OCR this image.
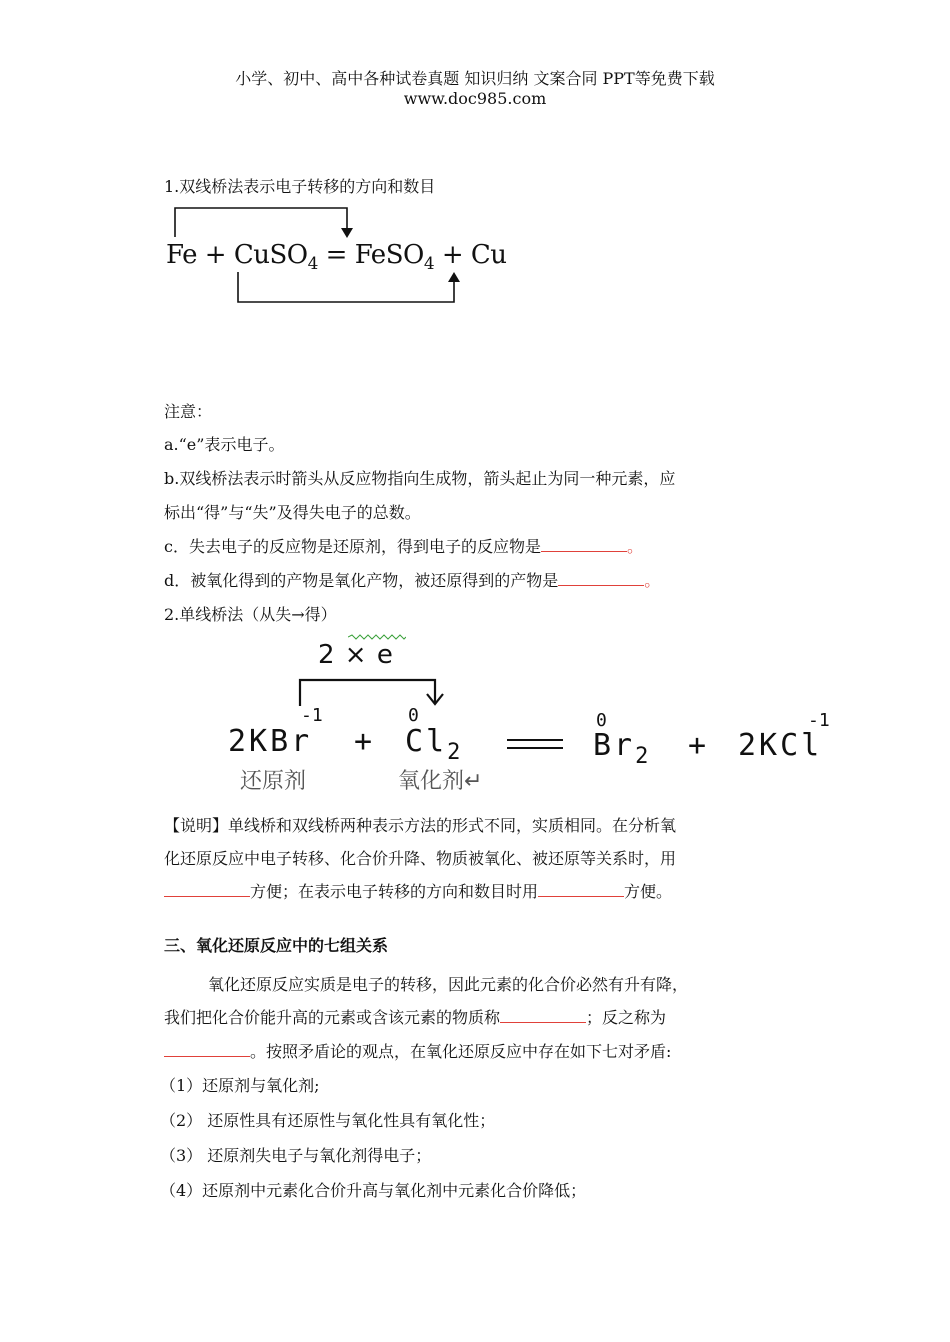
小学、初中、高中各种试卷真题 知识归纳 文案合同 PPT等免费下载
www.doc985.com
1.双线桥法表示电子转移的方向和数目
Fe + CuSO$_4$ = FeSO$_4$ + Cu
注意：
a.“e”表示电子。
b.双线桥法表示时箭头从反应物指向生成物，箭头起止为同一种元素，应
标出“得”与“失”及得失电子的总数。
c．失去电子的反应物是还原剂，得到电子的反应物是	。
d．被氧化得到的产物是氧化产物，被还原得到的产物是	。
2.单线桥法（从失→得）
2 × e
-1	0	0	-1
$2KBr + Cl_2$	$Br_2 + 2KCl$
还原剂	氧化剂↵
【说明】单线桥和双线桥两种表示方法的形式不同，实质相同。在分析氧
化还原反应中电子转移、化合价升降、物质被氧化、被还原等关系时，用
方便；在表示电子转移的方向和数目时用	方便。
三、氧化还原反应中的七组关系
氧化还原反应实质是电子的转移，因此元素的化合价必然有升有降，
我们把化合价能升高的元素或含该元素的物质称	；反之称为
。按照矛盾论的观点，在氧化还原反应中存在如下七对矛盾:
（1）还原剂与氧化剂;
（2） 还原性具有还原性与氧化性具有氧化性；
（3） 还原剂失电子与氧化剂得电子；
（4）还原剂中元素化合价升高与氧化剂中元素化合价降低；
